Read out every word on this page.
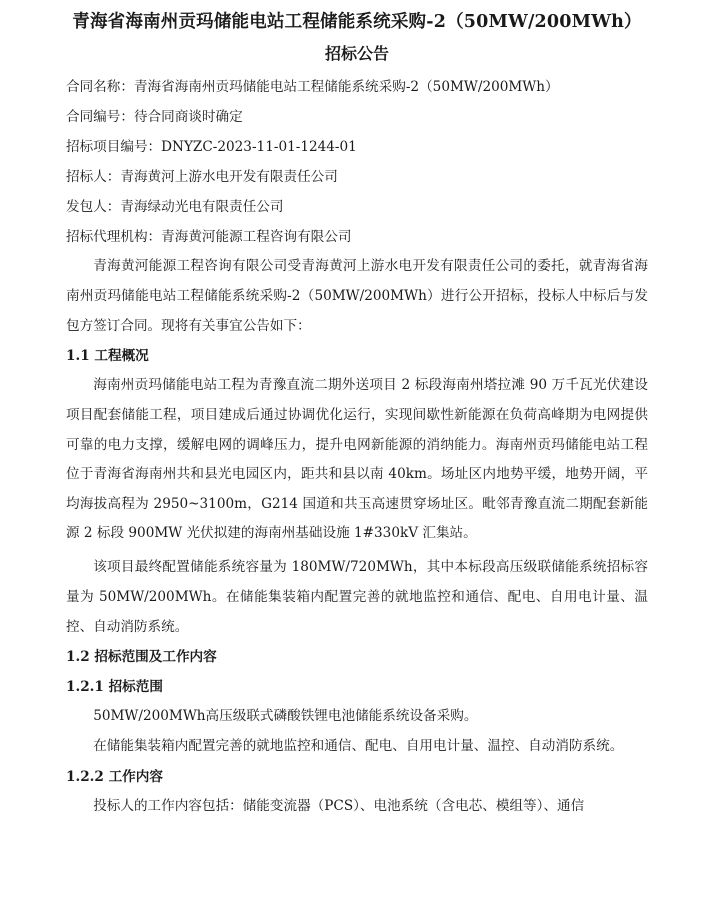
青海省海南州贡玛储能电站工程储能系统采购-2（50MW/200MWh）
招标公告

合同名称：青海省海南州贡玛储能电站工程储能系统采购-2（50MW/200MWh）

合同编号：待合同商谈时确定

招标项目编号：DNYZC-2023-11-01-1244-01

招标人：青海黄河上游水电开发有限责任公司

发包人：青海绿动光电有限责任公司

招标代理机构：青海黄河能源工程咨询有限公司

青海黄河能源工程咨询有限公司受青海黄河上游水电开发有限责任公司的委托，就青海省海南州贡玛储能电站工程储能系统采购-2（50MW/200MWh）进行公开招标，投标人中标后与发包方签订合同。现将有关事宜公告如下：

1.1 工程概况

海南州贡玛储能电站工程为青豫直流二期外送项目 2 标段海南州塔拉滩 90 万千瓦光伏建设项目配套储能工程，项目建成后通过协调优化运行，实现间歇性新能源在负荷高峰期为电网提供可靠的电力支撑，缓解电网的调峰压力，提升电网新能源的消纳能力。海南州贡玛储能电站工程位于青海省海南州共和县光电园区内，距共和县以南 40km。场址区内地势平缓，地势开阔，平均海拔高程为 2950~3100m，G214 国道和共玉高速贯穿场址区。毗邻青豫直流二期配套新能源 2 标段 900MW 光伏拟建的海南州基础设施 1#330kV 汇集站。

该项目最终配置储能系统容量为 180MW/720MWh，其中本标段高压级联储能系统招标容量为 50MW/200MWh。在储能集装箱内配置完善的就地监控和通信、配电、自用电计量、温控、自动消防系统。

1.2 招标范围及工作内容

1.2.1 招标范围

50MW/200MWh高压级联式磷酸铁锂电池储能系统设备采购。

在储能集装箱内配置完善的就地监控和通信、配电、自用电计量、温控、自动消防系统。

1.2.2 工作内容

投标人的工作内容包括：储能变流器（PCS）、电池系统（含电芯、模组等）、通信
